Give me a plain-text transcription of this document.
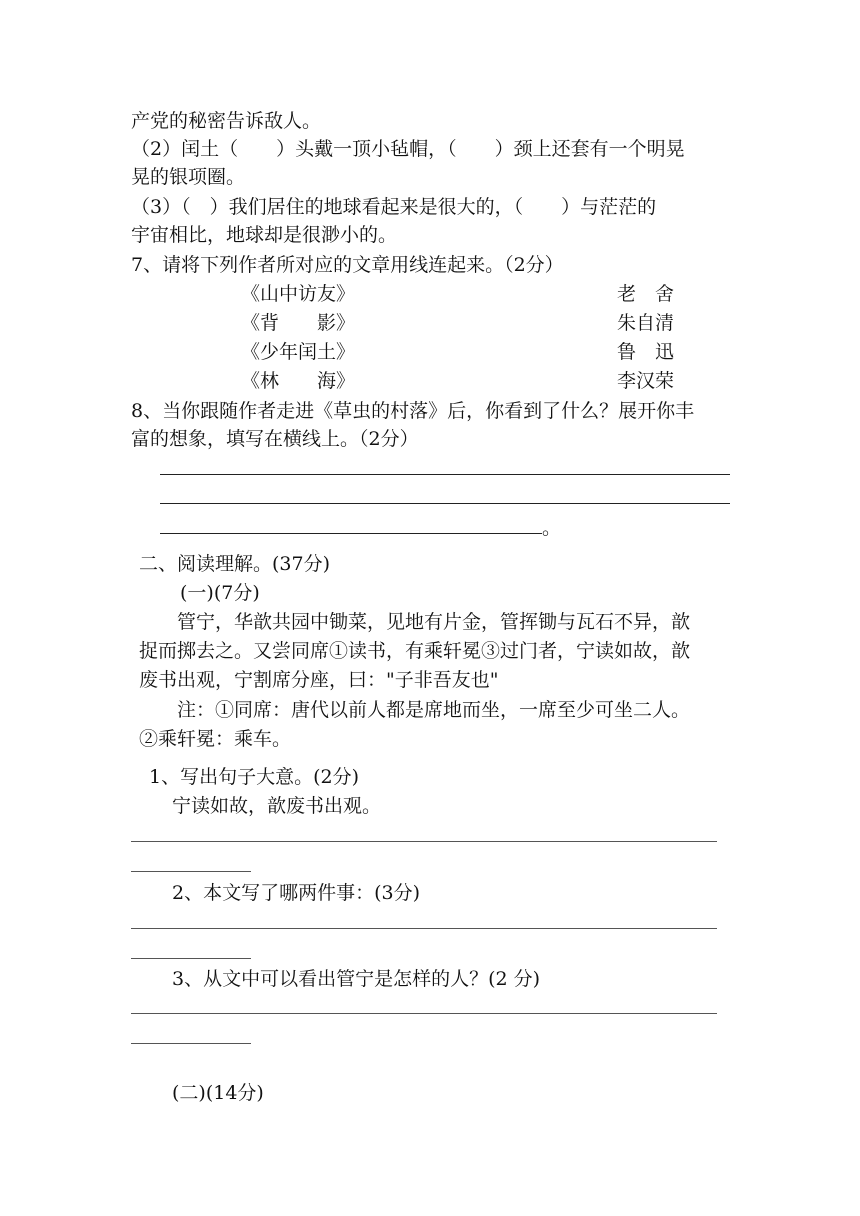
产党的秘密告诉敌人。
（2）闰土（　　）头戴一顶小毡帽，（　　）颈上还套有一个明晃
晃的银项圈。
（3）（　）我们居住的地球看起来是很大的，（　　）与茫茫的
宇宙相比，地球却是很渺小的。
7、请将下列作者所对应的文章用线连起来。（2分）
《山中访友》
《背　　影》
《少年闰土》
《林　　海》
老　舍
朱自清
鲁　迅
李汉荣
8、当你跟随作者走进《草虫的村落》后，你看到了什么？展开你丰
富的想象，填写在横线上。（2分）
。
二、阅读理解。(37分)
(一)(7分)
　　管宁，华歆共园中锄菜，见地有片金，管挥锄与瓦石不异，歆
捉而掷去之。又尝同席①读书，有乘轩冕③过门者，宁读如故，歆
废书出观，宁割席分座，曰："子非吾友也"
　　注：①同席：唐代以前人都是席地而坐，一席至少可坐二人。
②乘轩冕：乘车。
1、写出句子大意。(2分)
宁读如故，歆废书出观。
2、本文写了哪两件事：(3分)
3、从文中可以看出管宁是怎样的人？(2 分)
(二)(14分)
